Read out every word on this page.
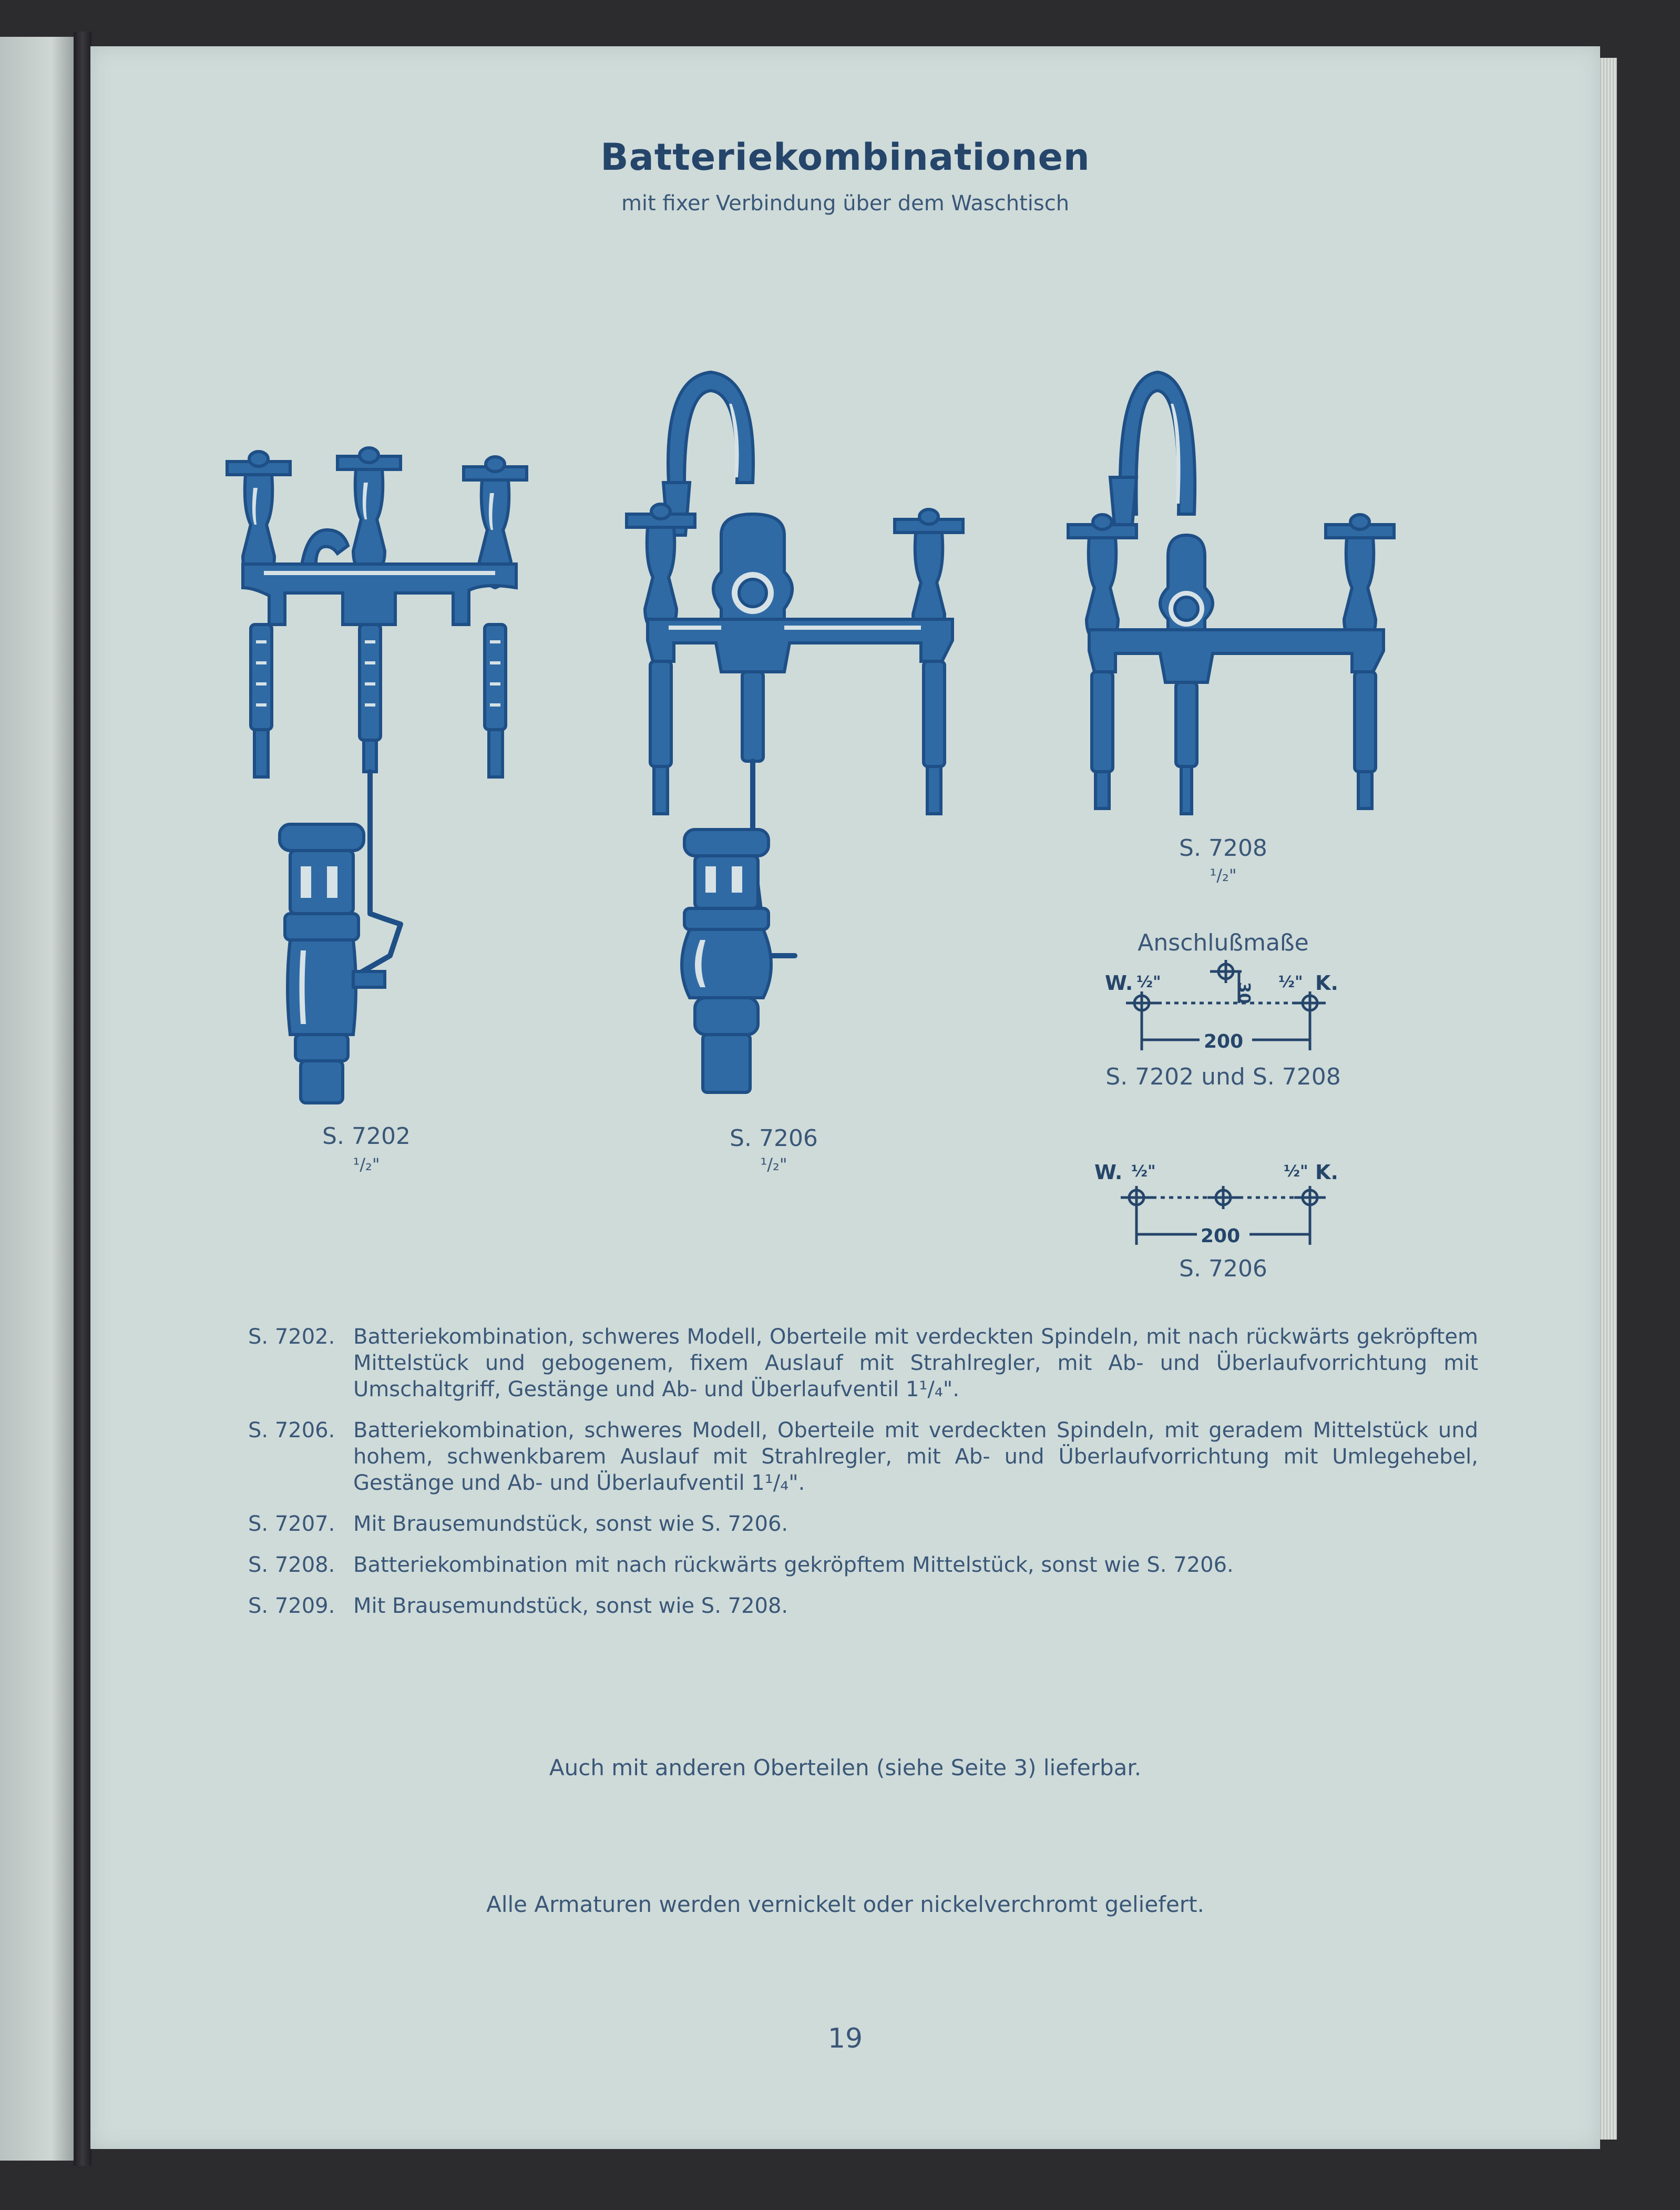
Batteriekombinationen
mit fixer Verbindung über dem Waschtisch
S. 7202
¹/₂"
S. 7206
¹/₂"
S. 7208
¹/₂"
Anschlußmaße
W. ½"	½" K.
30
200
S. 7202 und S. 7208
W. ½"	½" K.
200
S. 7206
S. 7202. Batteriekombination, schweres Modell, Oberteile mit verdeckten Spindeln, mit nach rückwärts gekröpftem Mittelstück und gebogenem, fixem Auslauf mit Strahlregler, mit Ab- und Überlaufvorrichtung mit Umschaltgriff, Gestänge und Ab- und Überlaufventil 1¹/₄".
S. 7206. Batteriekombination, schweres Modell, Oberteile mit verdeckten Spindeln, mit geradem Mittelstück und hohem, schwenkbarem Auslauf mit Strahlregler, mit Ab- und Überlaufvorrichtung mit Umlegehebel, Gestänge und Ab- und Überlaufventil 1¹/₄".
S. 7207. Mit Brausemundstück, sonst wie S. 7206.
S. 7208. Batteriekombination mit nach rückwärts gekröpftem Mittelstück, sonst wie S. 7206.
S. 7209. Mit Brausemundstück, sonst wie S. 7208.
Auch mit anderen Oberteilen (siehe Seite 3) lieferbar.
Alle Armaturen werden vernickelt oder nickelverchromt geliefert.
19
